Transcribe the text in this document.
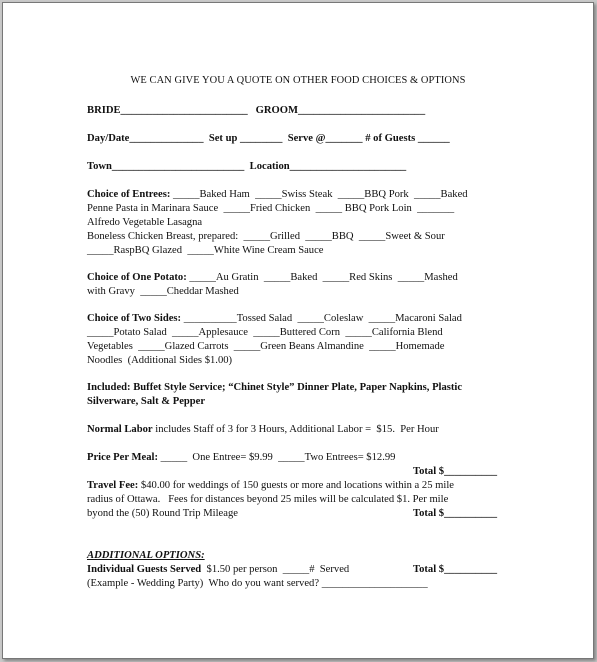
WE CAN GIVE YOU A QUOTE ON OTHER FOOD CHOICES & OPTIONS

BRIDE________________________   GROOM________________________

Day/Date______________  Set up ________  Serve @_______ # of Guests ______

Town_________________________  Location______________________

Choice of Entrees: _____Baked Ham  _____Swiss Steak  _____BBQ Pork  _____Baked

Penne Pasta in Marinara Sauce  _____Fried Chicken  _____ BBQ Pork Loin  _______

Alfredo Vegetable Lasagna

Boneless Chicken Breast, prepared:  _____Grilled  _____BBQ  _____Sweet & Sour

_____RaspBQ Glazed  _____White Wine Cream Sauce

Choice of One Potato: _____Au Gratin  _____Baked  _____Red Skins  _____Mashed

with Gravy  _____Cheddar Mashed

Choice of Two Sides: __________Tossed Salad  _____Coleslaw  _____Macaroni Salad

_____Potato Salad  _____Applesauce  _____Buttered Corn  _____California Blend

Vegetables  _____Glazed Carrots  _____Green Beans Almandine  _____Homemade

Noodles  (Additional Sides $1.00)

Included: Buffet Style Service; “Chinet Style” Dinner Plate, Paper Napkins, Plastic

Silverware, Salt & Pepper

Normal Labor includes Staff of 3 for 3 Hours, Additional Labor =  $15.  Per Hour

Price Per Meal: _____  One Entree= $9.99  _____Two Entrees= $12.99

Total $__________

Travel Fee: $40.00 for weddings of 150 guests or more and locations within a 25 mile

radius of Ottawa.   Fees for distances beyond 25 miles will be calculated $1. Per mile

byond the (50) Round Trip Mileage

	Total $__________

ADDITIONAL OPTIONS:

Individual Guests Served  $1.50 per person  _____#  Served

	Total $__________

(Example - Wedding Party)  Who do you want served? ____________________
